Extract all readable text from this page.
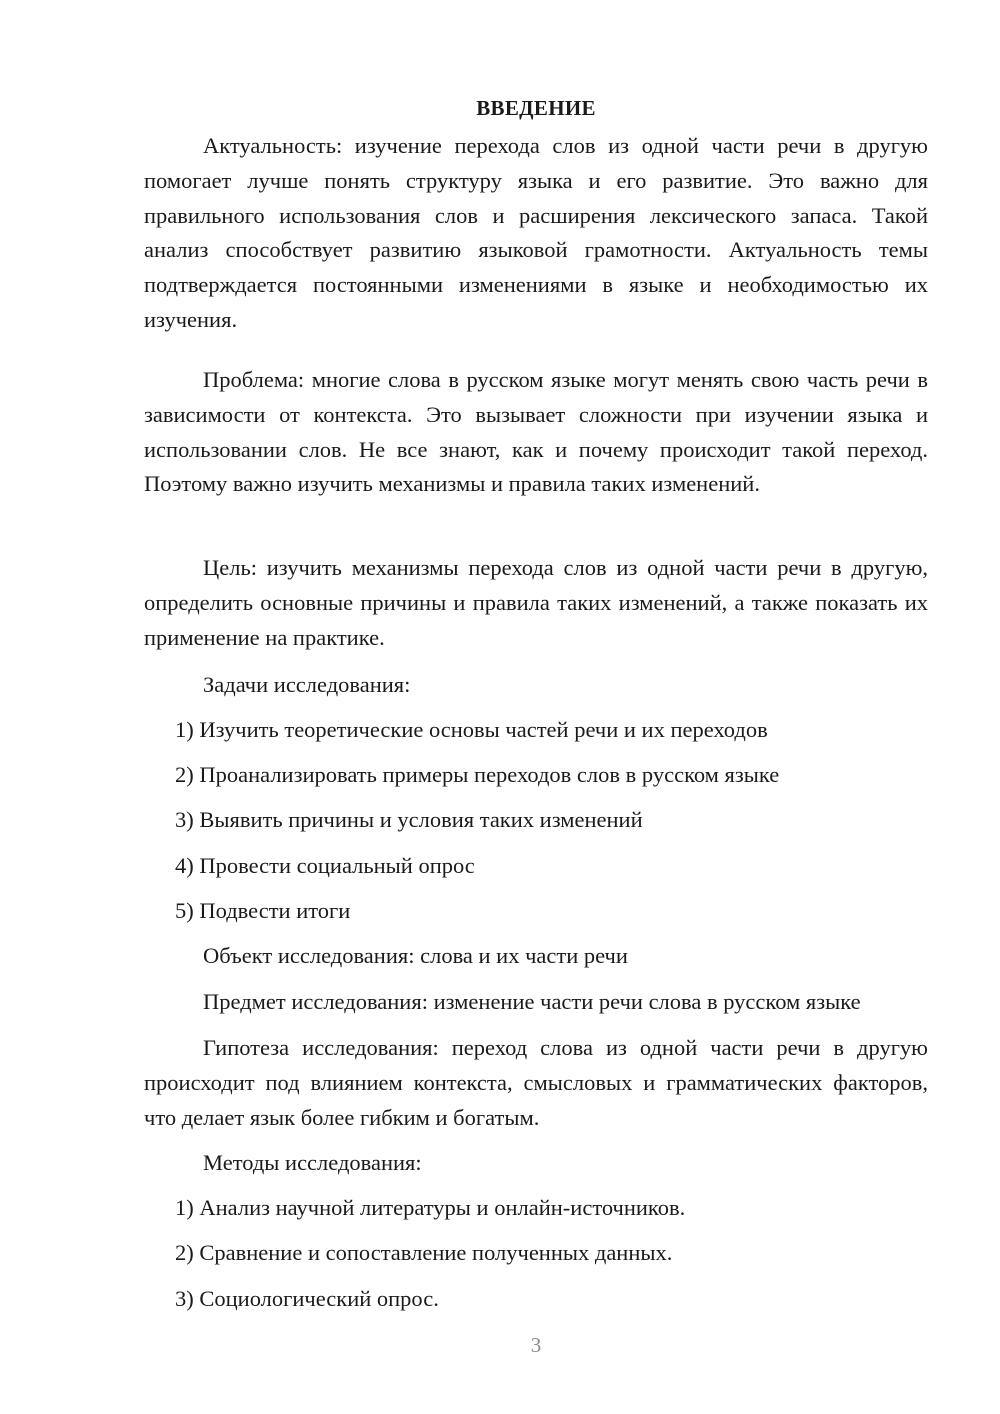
ВВЕДЕНИЕ

Актуальность: изучение перехода слов из одной части речи в другую помогает лучше понять структуру языка и его развитие. Это важно для правильного использования слов и расширения лексического запаса. Такой анализ способствует развитию языковой грамотности. Актуальность темы подтверждается постоянными изменениями в языке и необходимостью их изучения.

Проблема: многие слова в русском языке могут менять свою часть речи в зависимости от контекста. Это вызывает сложности при изучении языка и использовании слов. Не все знают, как и почему происходит такой переход. Поэтому важно изучить механизмы и правила таких изменений.

Цель: изучить механизмы перехода слов из одной части речи в другую, определить основные причины и правила таких изменений, а также показать их применение на практике.

Задачи исследования:
1) Изучить теоретические основы частей речи и их переходов
2) Проанализировать примеры переходов слов в русском языке
3) Выявить причины и условия таких изменений
4) Провести социальный опрос
5) Подвести итоги
Объект исследования: слова и их части речи
Предмет исследования: изменение части речи слова в русском языке

Гипотеза исследования: переход слова из одной части речи в другую происходит под влиянием контекста, смысловых и грамматических факторов, что делает язык более гибким и богатым.

Методы исследования:
1) Анализ научной литературы и онлайн-источников.
2) Сравнение и сопоставление полученных данных.
3) Социологический опрос.
3
